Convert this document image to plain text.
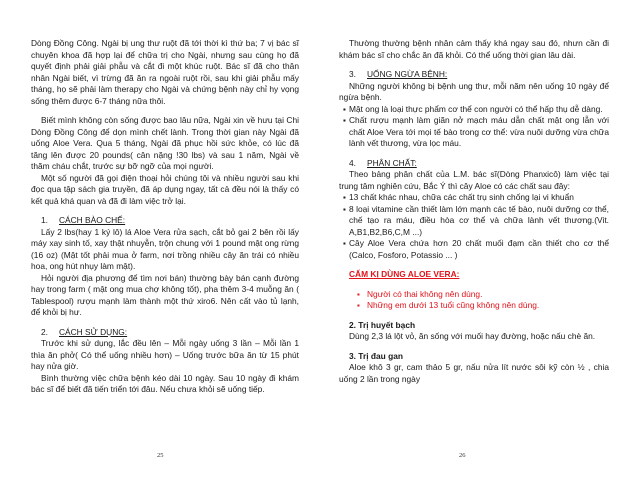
Dòng Đồng Công. Ngài bị ung thư ruột đã tới thời kì thứ ba; 7 vị bác sĩ chuyên khoa đã hợp lại để chữa trị cho Ngài, nhưng sau cùng họ đã quyết định phải giải phẫu và cắt đi một khúc ruột. Bác sĩ đã cho thân nhân Ngài biết, vì trừng đã ăn ra ngoài ruột rồi, sau khi giải phẫu mấy tháng, họ sẽ phải làm therapy cho Ngài và chứng bệnh này chỉ hy vọng sống thêm được 6-7 tháng nữa thôi.

Biết mình không còn sống được bao lâu nữa, Ngài xin về hưu tại Chi Dòng Đồng Công để dọn mình chết lành. Trong thời gian này Ngài đã uống Aloe Vera. Qua 5 tháng, Ngài đã phục hồi sức khỏe, có lúc đã tăng lên được 20 pounds( cân nặng !30 lbs) và sau 1 năm, Ngài về thăm cháu chắt, trước sự bỡ ngỡ của mọi người.

Một số người đã gọi điện thoại hỏi chúng tôi và nhiều người sau khi đọc qua tập sách gia truyền, đã áp dụng ngay, tất cả đều nói là thấy có kết quả khá quan và đã đi làm việc trở lại.

1. CÁCH BÀO CHẾ:

Lấy 2 lbs(hay 1 ký lô) lá Aloe Vera rửa sạch, cắt bỏ gai 2 bên rồi lấy máy xay sinh tố, xay thật nhuyễn, trộn chung với 1 pound mật ong rừng (16 oz) (Mật tốt phải mua ở farm, nơi trồng nhiều cây ăn trái có nhiều hoa, ong hút nhụy làm mật).

Hỏi người địa phương để tìm nơi bán) thường bày bán cạnh đường hay trong farm ( mật ong mua chợ không tốt), pha thêm 3-4 muỗng ăn ( Tablespool) rượu mạnh làm thành một thứ xiro6. Nên cất vào tủ lạnh, để khỏi bị hư.

2. CÁCH SỬ DỤNG:

Trước khi sử dụng, lắc đều lên – Mỗi ngày uống 3 lần – Mỗi lần 1 thìa ăn phở( Có thể uống nhiều hơn) – Uống trước bữa ăn từ 15 phút hay nửa giờ.

Bình thường việc chữa bệnh kéo dài 10 ngày. Sau 10 ngày đi khám bác sĩ để biết đã tiến triển tới đâu. Nếu chưa khỏi sẽ uống tiếp.

Thường thường bệnh nhân cảm thấy khá ngay sau đó, nhưn cần đi khám bác sĩ cho chắc ăn đã khỏi. Có thể uống thời gian lâu dài.

3. UỐNG NGỪA BỆNH:

Những người không bị bệnh ung thư, mỗi năm nên uống 10 ngày để ngừa bệnh.

▪ Mật ong là loại thực phẩm cơ thể con người có thể hấp thụ dễ dàng.

▪ Chất rượu mạnh làm giãn nở mạch máu dẫn chất mật ong lẫn với chất Aloe Vera tới mọi tế bào trong cơ thể: vừa nuôi dưỡng vừa chữa lành vết thương, vừa lọc máu.

4. PHÂN CHẤT:

Theo bảng phân chất của L.M. bác sĩ(Dòng Phanxicô) làm việc tại trung tâm nghiên cứu, Bắc Ý thì cây Aloe có các chất sau đây:

▪ 13 chất khác nhau, chữa các chất trụ sinh chống lại vi khuẩn

▪ 8 loại vitamine cần thiết làm lớn mạnh các tế bào, nuôi dưỡng cơ thể, chế tạo ra máu, điều hòa cơ thể và chữa lành vết thương.(Vit. A,B1,B2,B6,C,M ...)

▪ Cây Aloe Vera chứa hơn 20 chất muối đạm cần thiết cho cơ thể (Calco, Fosforo, Potassio ... )

CẤM KỊ DÙNG ALOE VERA:

▪ Người có thai không nên dùng.

▪ Những em dưới 13 tuổi cũng không nên dùng.

2. Trị huyết bạch

Dùng 2,3 lá lột vỏ, ăn sống với muối hay đường, hoặc nấu chè ăn.

3. Trị đau gan

Aloe khô 3 gr, cam thảo 5 gr, nấu nửa lít nước sôi kỹ còn ½ , chia uống 2 lần trong ngày

25	26
